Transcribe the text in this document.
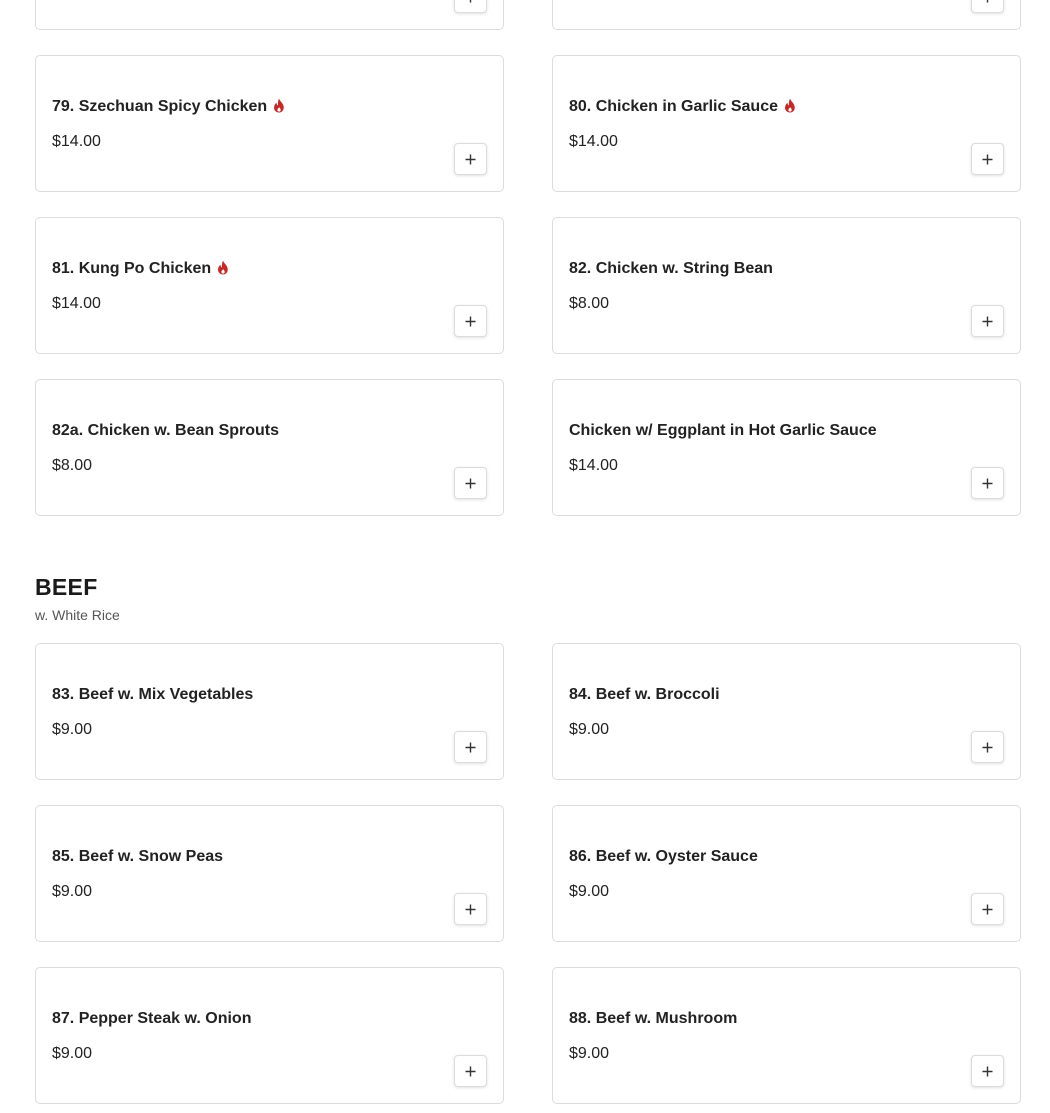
79. Szechuan Spicy Chicken
$14.00
80. Chicken in Garlic Sauce
$14.00
81. Kung Po Chicken
$14.00
82. Chicken w. String Bean
$8.00
82a. Chicken w. Bean Sprouts
$8.00
Chicken w/ Eggplant in Hot Garlic Sauce
$14.00
BEEF
w. White Rice
83. Beef w. Mix Vegetables
$9.00
84. Beef w. Broccoli
$9.00
85. Beef w. Snow Peas
$9.00
86. Beef w. Oyster Sauce
$9.00
87. Pepper Steak w. Onion
$9.00
88. Beef w. Mushroom
$9.00
